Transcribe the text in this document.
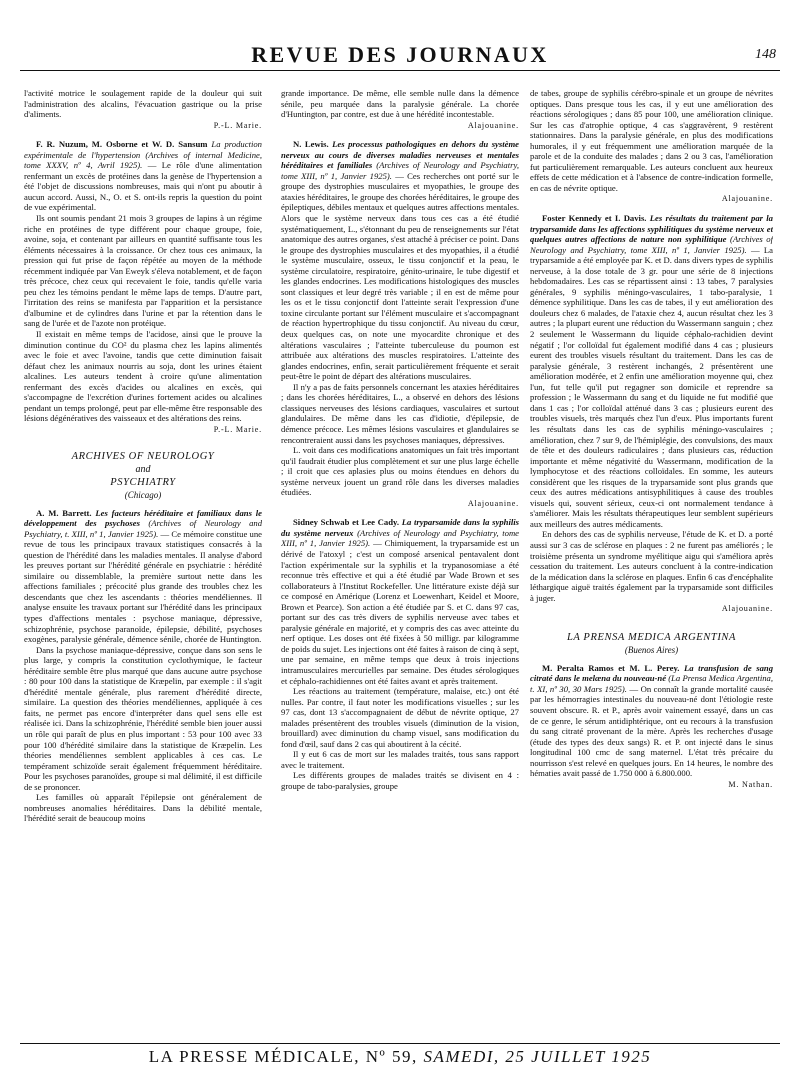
REVUE DES JOURNAUX	148

l'activité motrice le soulagement rapide de la douleur qui suit l'administration des alcalins, l'évacuation gastrique ou la prise d'aliments.

P.-L. Marie.

F. R. Nuzum, M. Osborne et W. D. Sansum La production expérimentale de l'hypertension (Archives of internal Medicine, tome XXXV, nº 4, Avril 1925). — Le rôle d'une alimentation renfermant un excès de protéines dans la genèse de l'hypertension a été l'objet de discussions nombreuses, mais qui n'ont pu aboutir à aucun accord. Aussi, N., O. et S. ont-ils repris la question du point de vue expérimental.

Ils ont soumis pendant 21 mois 3 groupes de lapins à un régime riche en protéines de type différent pour chaque groupe, foie, avoine, soja, et contenant par ailleurs en quantité suffisante tous les éléments nécessaires à la croissance. Or chez tous ces animaux, la pression qui fut prise de façon répétée au moyen de la méthode récemment indiquée par Van Eweyk s'éleva notablement, et de façon très précoce, chez ceux qui recevaient le foie, tandis qu'elle varia peu chez les témoins pendant le même laps de temps. D'autre part, l'irritation des reins se manifesta par l'apparition et la persistance d'albumine et de cylindres dans l'urine et par la rétention dans le sang de l'urée et de l'azote non protéique.

Il existait en même temps de l'acidose, ainsi que le prouve la diminution continue du CO² du plasma chez les lapins alimentés avec le foie et avec l'avoine, tandis que cette diminution faisait défaut chez les animaux nourris au soja, dont les urines étaient alcalines. Les auteurs tendent à croire qu'une alimentation renfermant des excès d'acides ou alcalines en excès, qui s'accompagne de l'excrétion d'urines fortement acides ou alcalines pendant un temps prolongé, peut par elle-même être responsable des lésions dégénératives des vaisseaux et des altérations des reins.

P.-L. Marie.

ARCHIVES OF NEUROLOGY

and

PSYCHIATRY

(Chicago)

A. M. Barrett. Les facteurs héréditaire et familiaux dans le développement des psychoses (Archives of Neurology and Psychiatry, t. XIII, nº 1, Janvier 1925). — Ce mémoire constitue une revue de tous les principaux travaux statistiques consacrés à la question de l'hérédité dans les maladies mentales. Il analyse d'abord les preuves portant sur l'hérédité générale en psychiatrie : hérédité similaire ou dissemblable, la première surtout nette dans les affections familiales ; précocité plus grande des troubles chez les descendants que chez les ascendants : théories mendéliennes. Il analyse ensuite les travaux portant sur l'hérédité dans les principaux types d'affections mentales : psychose maniaque, dépressive, schizophrénie, psychose paranoïde, épilepsie, débilité, psychoses exogènes, paralysie générale, démence sénile, chorée de Huntington.

Dans la psychose maniaque-dépressive, conçue dans son sens le plus large, y compris la constitution cyclothymique, le facteur héréditaire semble être plus marqué que dans aucune autre psychose : 80 pour 100 dans la statistique de Kræpelin, par exemple : il s'agit d'hérédité mentale générale, plus rarement d'hérédité directe, similaire. La question des théories mendéliennes, appliquée à ces faits, ne permet pas encore d'interpréter dans quel sens elle est réalisée ici. Dans la schizophrénie, l'hérédité semble bien jouer aussi un rôle qui paraît de plus en plus important : 53 pour 100 avec 33 pour 100 d'hérédité similaire dans la statistique de Kræpelin. Les théories mendéliennes semblent applicables à ces cas. Le tempérament schizoïde serait également fréquemment héréditaire. Pour les psychoses paranoïdes, groupe si mal délimité, il est difficile de se prononcer.

Les familles où apparaît l'épilepsie ont généralement de nombreuses anomalies héréditaires. Dans la débilité mentale, l'hérédité serait de beaucoup moins

grande importance. De même, elle semble nulle dans la démence sénile, peu marquée dans la paralysie générale. La chorée d'Huntington, par contre, est due à une hérédité incontestable.

Alajouanine.

N. Lewis. Les processus pathologiques en dehors du système nerveux au cours de diverses maladies nerveuses et mentales héréditaires et familiales (Archives of Neurology and Psychiatry, tome XIII, nº 1, Janvier 1925). — Ces recherches ont porté sur le groupe des dystrophies musculaires et myopathies, le groupe des ataxies héréditaires, le groupe des chorées héréditaires, le groupe des épileptiques, débiles mentaux et quelques autres affections mentales. Alors que le système nerveux dans tous ces cas a été étudié systématiquement, L., s'étonnant du peu de renseignements sur l'état anatomique des autres organes, s'est attaché à préciser ce point. Dans le groupe des dystrophies musculaires et des myopathies, il a étudié le système musculaire, osseux, le tissu conjonctif et la peau, le système circulatoire, respiratoire, génito-urinaire, le tube digestif et les glandes endocrines. Les modifications histologiques des muscles sont classiques et leur degré très variable ; il en est de même pour les os et le tissu conjonctif dont l'atteinte serait l'expression d'une toxine circulante portant sur l'élément musculaire et s'accompagnant de réaction hypertrophique du tissu conjonctif. Au niveau du cœur, deux quelques cas, on note une myocardite chronique et des altérations vasculaires ; l'atteinte tuberculeuse du poumon est attribuée aux altérations des muscles respiratoires. L'atteinte des glandes endocrines, enfin, serait particulièrement fréquente et serait peut-être le point de départ des altérations musculaires.

Il n'y a pas de faits personnels concernant les ataxies héréditaires ; dans les chorées héréditaires, L., a observé en dehors des lésions classiques nerveuses des lésions cardiaques, vasculaires et surtout glandulaires. De même dans les cas d'idiotie, d'épilepsie, de démence précoce. Les mêmes lésions vasculaires et glandulaires se rencontreraient aussi dans les psychoses maniaques, dépressives.

L. voit dans ces modifications anatomiques un fait très important qu'il faudrait étudier plus complètement et sur une plus large échelle ; il croit que ces aplasies plus ou moins étendues en dehors du système nerveux jouent un grand rôle dans les diverses maladies étudiées.

Alajouanine.

Sidney Schwab et Lee Cady. La tryparsamide dans la syphilis du système nerveux (Archives of Neurology and Psychiatry, tome XIII, nº 1, Janvier 1925). — Chimiquement, la tryparsamide est un dérivé de l'atoxyl ; c'est un composé arsenical pentavalent dont l'action expérimentale sur la syphilis et la trypanosomiase a été reconnue très effective et qui a été étudié par Wade Brown et ses collaborateurs à l'Institut Rockefeller. Une littérature existe déjà sur ce composé en Amérique (Lorenz et Loewenhart, Keidel et Moore, Brown et Pearce). Son action a été étudiée par S. et C. dans 97 cas, portant sur des cas très divers de syphilis nerveuse avec tabes et paralysie générale en majorité, et y compris des cas avec atteinte du nerf optique. Les doses ont été fixées à 50 milligr. par kilogramme de poids du sujet. Les injections ont été faites à raison de cinq à sept, une par semaine, en même temps que deux à trois injections intramusculaires mercurielles par semaine. Des études sérologiques et céphalo-rachidiennes ont été faites avant et après traitement.

Les réactions au traitement (température, malaise, etc.) ont été nulles. Par contre, il faut noter les modifications visuelles ; sur les 97 cas, dont 13 s'accompagnaient de début de névrite optique, 27 malades présentèrent des troubles visuels (diminution de la vision, brouillard) avec diminution du champ visuel, sans modification du fond d'œil, sauf dans 2 cas qui aboutirent à la cécité.

Il y eut 6 cas de mort sur les malades traités, tous sans rapport avec le traitement.

Les différents groupes de malades traités se divisent en 4 : groupe de tabo-paralysies, groupe

de tabes, groupe de syphilis cérébro-spinale et un groupe de névrites optiques. Dans presque tous les cas, il y eut une amélioration des réactions sérologiques ; dans 85 pour 100, une amélioration clinique. Sur les cas d'atrophie optique, 4 cas s'aggravèrent, 9 restèrent stationnaires. Dans la paralysie générale, en plus des modifications humorales, il y eut fréquemment une amélioration marquée de la parole et de la conduite des malades ; dans 2 ou 3 cas, l'amélioration fut particulièrement remarquable. Les auteurs concluent aux heureux effets de cette médication et à l'absence de contre-indication formelle, en cas de névrite optique.

Alajouanine.

Foster Kennedy et I. Davis. Les résultats du traitement par la tryparsamide dans les affections syphilitiques du système nerveux et quelques autres affections de nature non syphilitique (Archives of Neurology and Psychiatry, tome XIII, nº 1, Janvier 1925). — La tryparsamide a été employée par K. et D. dans divers types de syphilis nerveuse, à la dose totale de 3 gr. pour une série de 8 injections hebdomadaires. Les cas se répartissent ainsi : 13 tabes, 7 paralysies générales, 9 syphilis méningo-vasculaires, 1 tabo-paralysie, 1 démence syphilitique. Dans les cas de tabes, il y eut amélioration des douleurs chez 6 malades, de l'ataxie chez 4, aucun résultat chez les 3 autres ; la plupart eurent une réduction du Wassermann sanguin ; chez 2 seulement le Wassermann du liquide céphalo-rachidien devint négatif ; l'or colloïdal fut également modifié dans 4 cas ; plusieurs eurent des troubles visuels résultant du traitement. Dans les cas de paralysie générale, 3 restèrent inchangés, 2 présentèrent une amélioration modérée, et 2 enfin une amélioration moyenne qui, chez l'un, fut telle qu'il put regagner son domicile et reprendre sa profession ; le Wassermann du sang et du liquide ne fut modifié que dans 1 cas ; l'or colloïdal atténué dans 3 cas ; plusieurs eurent des troubles visuels, très marqués chez l'un d'eux. Plus importants furent les résultats dans les cas de syphilis méningo-vasculaires ; amélioration, chez 7 sur 9, de l'hémiplégie, des convulsions, des maux de tête et des douleurs radiculaires ; dans plusieurs cas, réduction importante et même négativité du Wassermann, modification de la lymphocytose et des réactions colloïdales. En somme, les auteurs considèrent que les risques de la tryparsamide sont plus grands que ceux des autres médications antisyphilitiques à cause des troubles visuels qui, souvent sérieux, ceux-ci ont normalement tendance à s'améliorer. Mais les résultats thérapeutiques leur semblent supérieurs aux meilleurs des autres médicaments.

En dehors des cas de syphilis nerveuse, l'étude de K. et D. a porté aussi sur 3 cas de sclérose en plaques : 2 ne furent pas améliorés ; le troisième présenta un syndrome myélitique aigu qui s'améliora après cessation du traitement. Les auteurs concluent à la contre-indication de la médication dans la sclérose en plaques. Enfin 6 cas d'encéphalite léthargique aiguë traités également par la tryparsamide sont difficiles à juger.

Alajouanine.

LA PRENSA MEDICA ARGENTINA

(Buenos Aires)

M. Peralta Ramos et M. L. Perey. La transfusion de sang citraté dans le melæna du nouveau-né (La Prensa Medica Argentina, t. XI, nº 30, 30 Mars 1925). — On connaît la grande mortalité causée par les hémorragies intestinales du nouveau-né dont l'étiologie reste souvent obscure. R. et P., après avoir vainement essayé, dans un cas de ce genre, le sérum antidiphtérique, ont eu recours à la transfusion du sang citraté provenant de la mère. Après les recherches d'usage (étude des types des deux sangs) R. et P. ont injecté dans le sinus longitudinal 100 cmc de sang maternel. L'état très précaire du nourrisson s'est relevé en quelques jours. En 14 heures, le nombre des hématies avait passé de 1.750 000 à 6.800.000.

M. Nathan.

LA PRESSE MÉDICALE, Nº 59, SAMEDI, 25 JUILLET 1925
